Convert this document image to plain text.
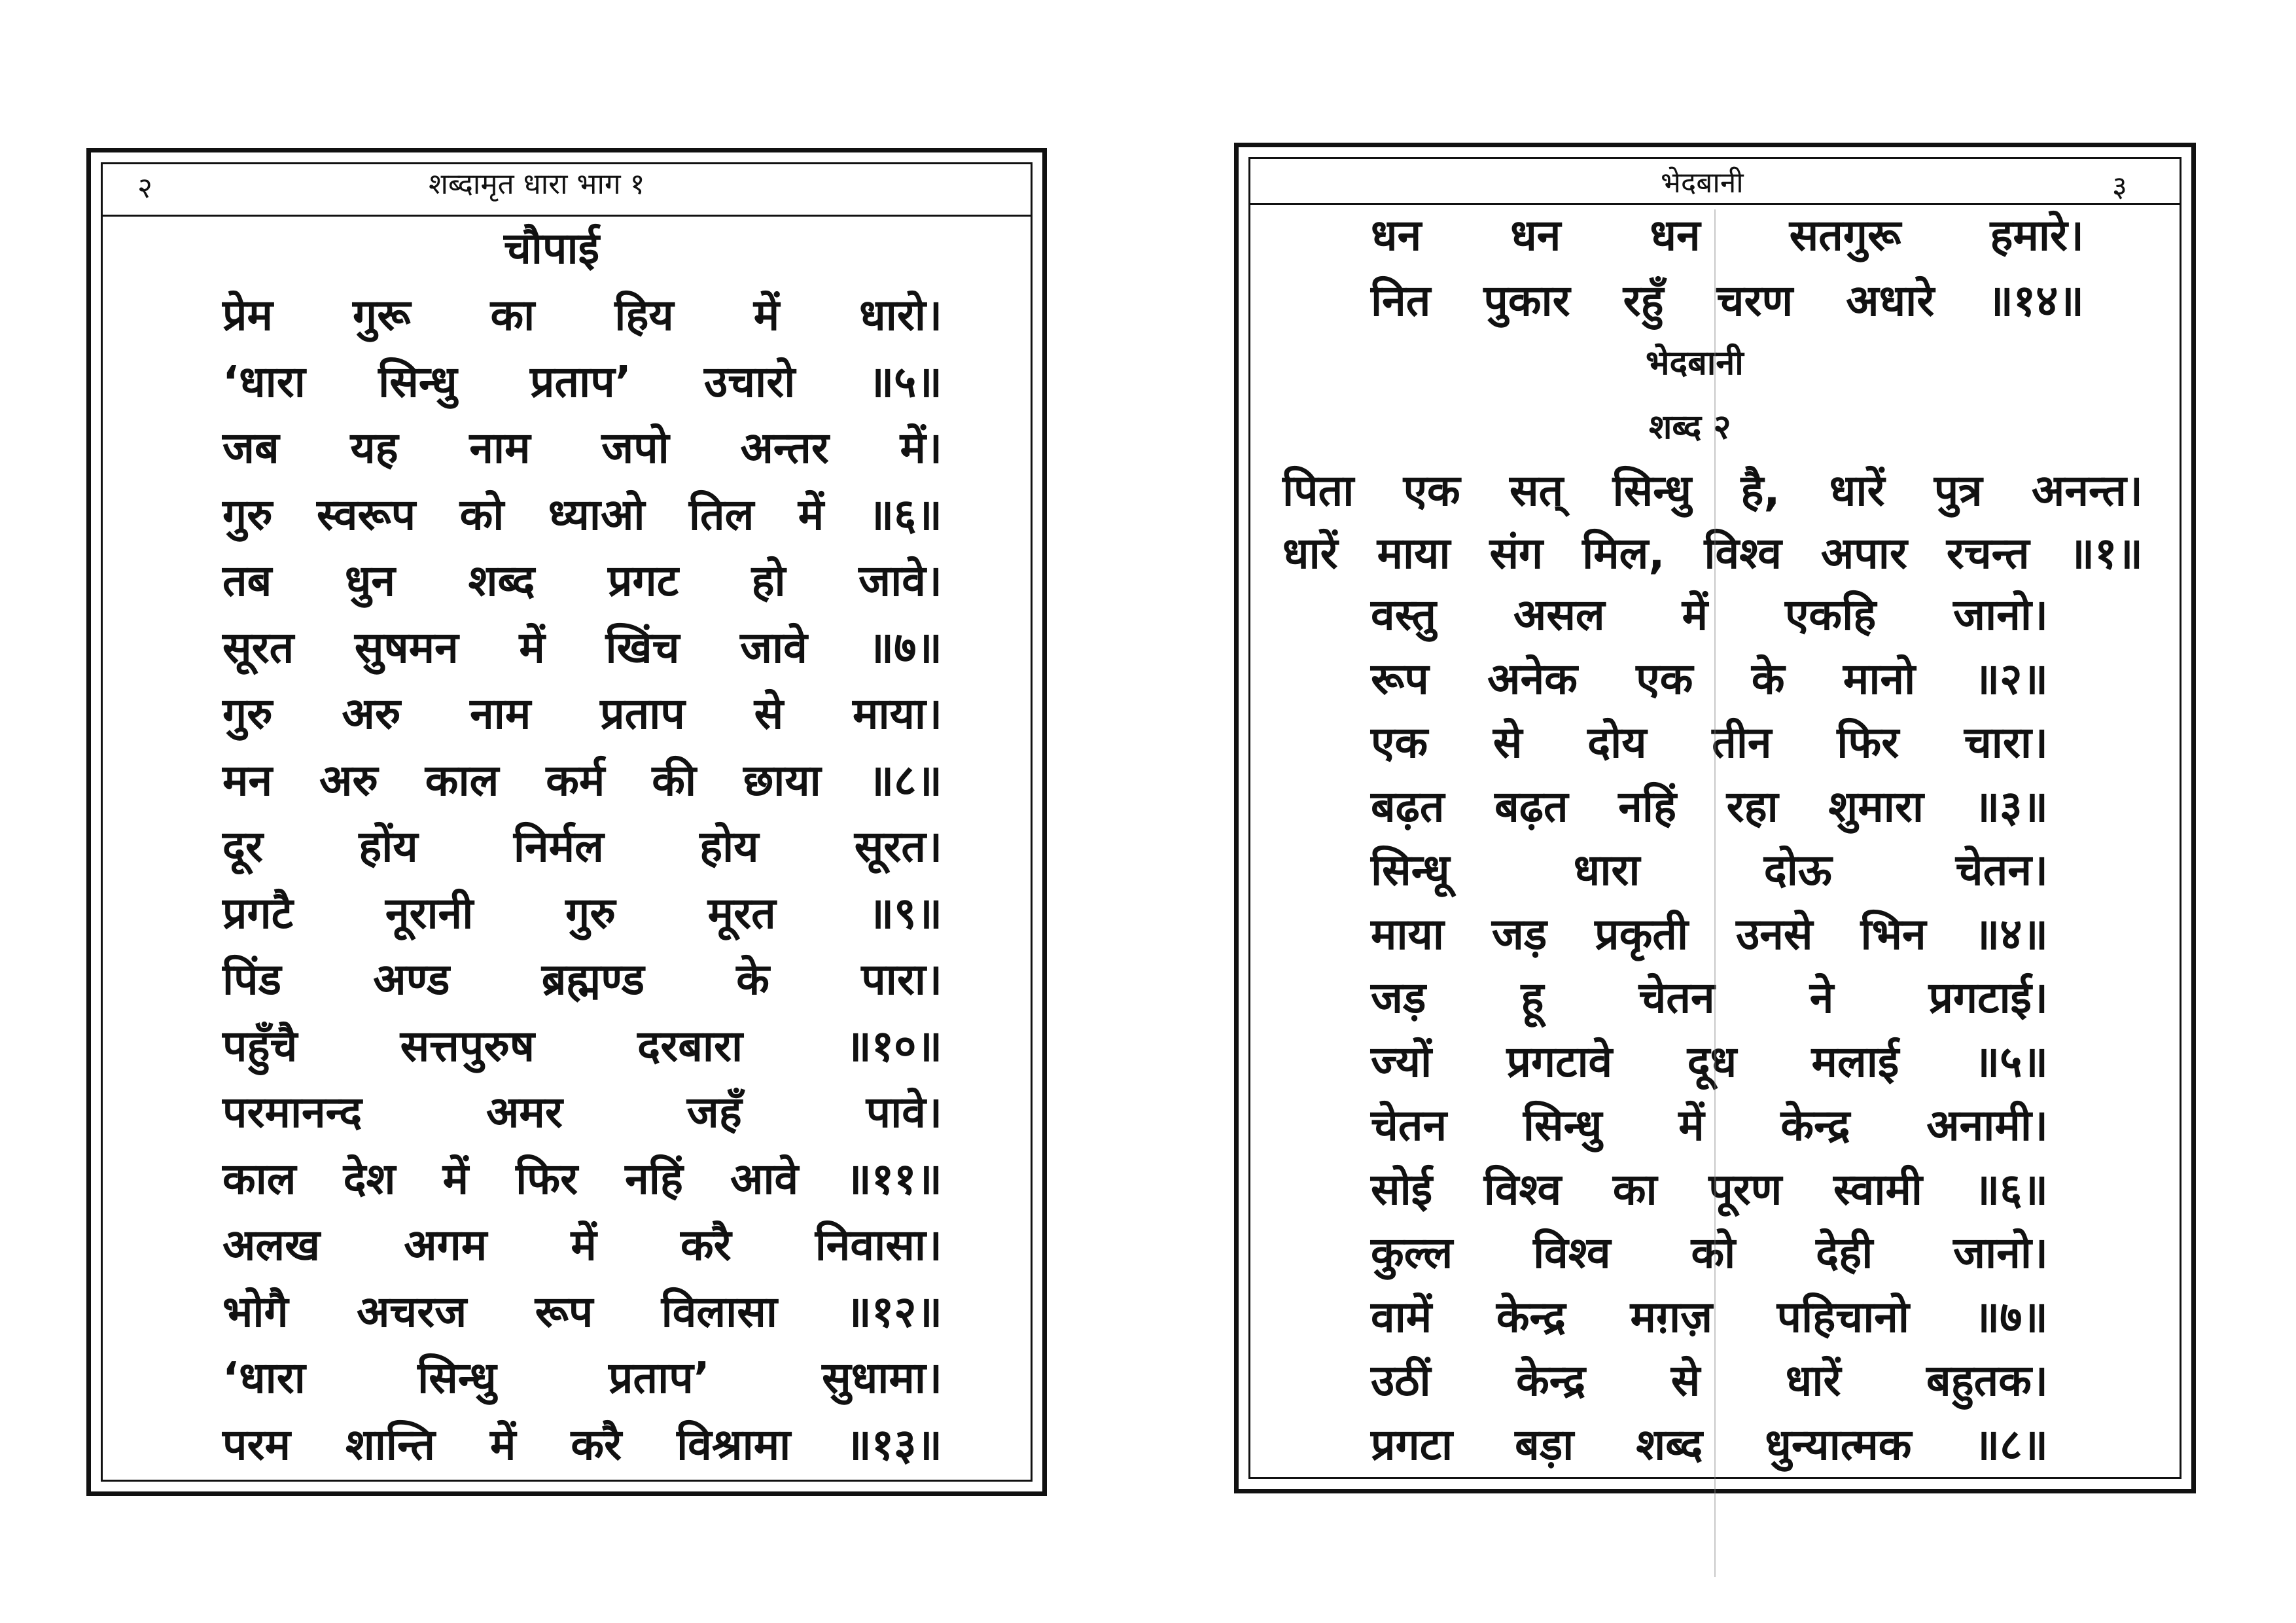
२	शब्दामृत धारा भाग १
चौपाई
प्रेम गुरू का हिय में धारो।
‘धारा सिन्धु प्रताप’ उचारो ॥५॥
जब यह नाम जपो अन्तर में।
गुरु स्वरूप को ध्याओ तिल में ॥६॥
तब धुन शब्द प्रगट हो जावे।
सूरत सुषमन में खिंच जावे ॥७॥
गुरु अरु नाम प्रताप से माया।
मन अरु काल कर्म की छाया ॥८॥
दूर होंय निर्मल होय सूरत।
प्रगटै नूरानी गुरु मूरत ॥९॥
पिंड अण्ड ब्रह्मण्ड के पारा।
पहुँचै सत्तपुरुष दरबारा ॥१०॥
परमानन्द	अमर	जहँ	पावे।
काल देश में फिर नहिं आवे ॥११॥
अलख अगम में करै निवासा।
भोगै अचरज रूप विलासा ॥१२॥
‘धारा	सिन्धु	प्रताप’	सुधामा।
परम शान्ति में करै विश्रामा ॥१३॥
भेदबानी	३
धन धन धन सतगुरू हमारे।
नित पुकार रहुँ चरण अधारे ॥१४॥
भेदबानी
शब्द २
पिता एक सत् सिन्धु है, धारें पुत्र अनन्त।
धारें माया संग मिल, विश्व अपार रचन्त ॥१॥
वस्तु असल में एकहि जानो।
रूप अनेक एक के मानो ॥२॥
एक से दोय तीन फिर चारा।
बढ़त बढ़त नहिं रहा शुमारा ॥३॥
सिन्धू	धारा	दोऊ	चेतन।
माया जड़ प्रकृती उनसे भिन ॥४॥
जड़ हू चेतन ने प्रगटाई।
ज्यों प्रगटावे दूध मलाई ॥५॥
चेतन सिन्धु में केन्द्र अनामी।
सोई विश्व का पूरण स्वामी ॥६॥
कुल्ल विश्व को देही जानो।
वामें केन्द्र मग़ज़ पहिचानो ॥७॥
उठीं केन्द्र से धारें बहुतक।
प्रगटा बड़ा शब्द धुन्यात्मक ॥८॥
